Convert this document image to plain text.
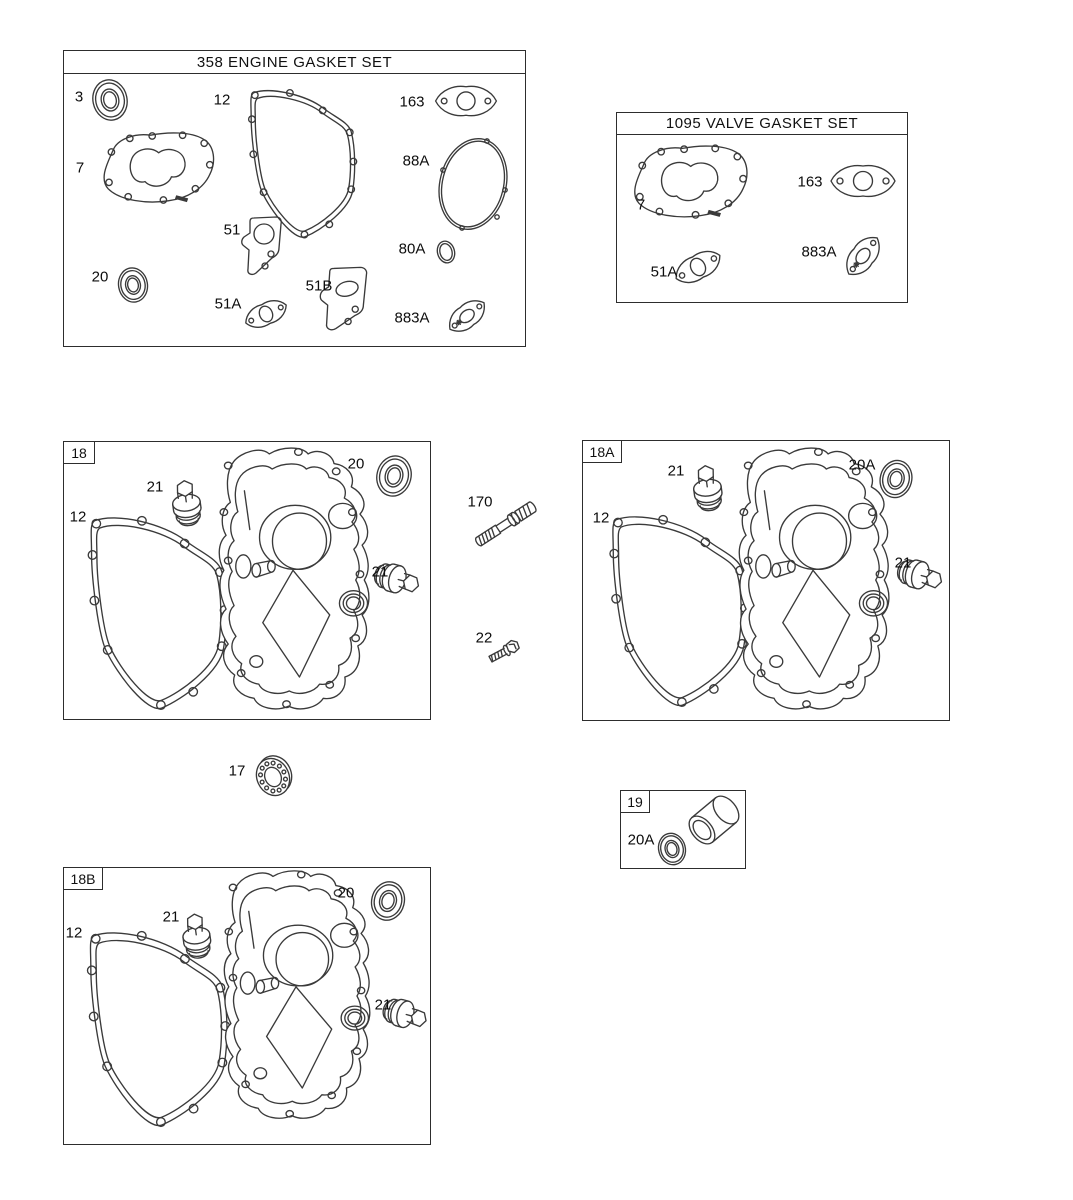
358 ENGINE GASKET SET
1095 VALVE GASKET SET
18	18A
19
18B
3	12	163
7	88A
51
80A
20
51A
51B
883A
7
163
51A
883A
21
20
12
21
170
22
17
21	20A
12
21
20A
21
20
12
21
